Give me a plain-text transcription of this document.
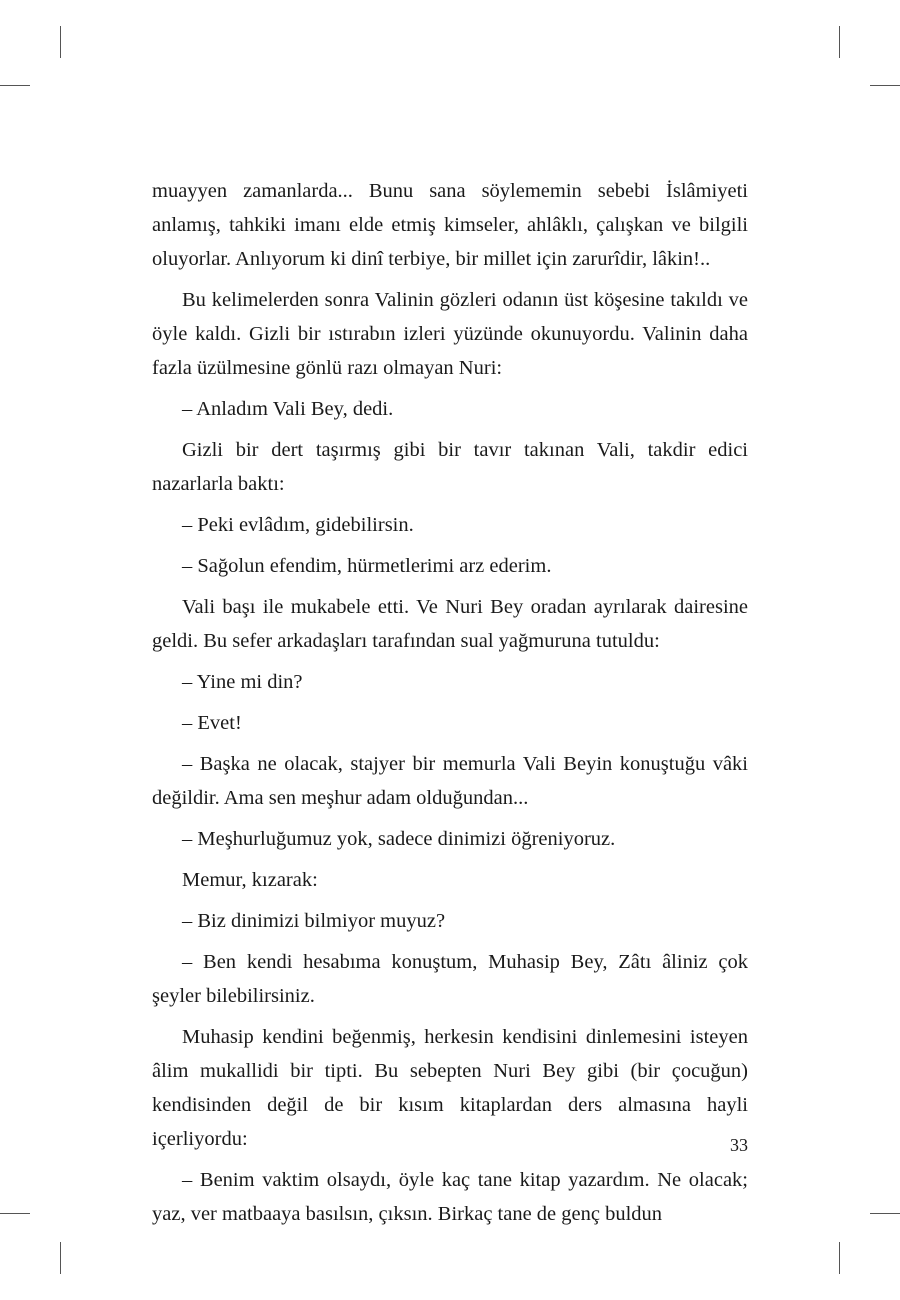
muayyen zamanlarda... Bunu sana söylememin sebebi İslâmiyeti anlamış, tahkiki imanı elde etmiş kimseler, ahlâklı, çalışkan ve bilgili oluyorlar. Anlıyorum ki dinî terbiye, bir millet için zarurîdir, lâkin!..

Bu kelimelerden sonra Valinin gözleri odanın üst köşesine takıldı ve öyle kaldı. Gizli bir ıstırabın izleri yüzünde okunuyordu. Valinin daha fazla üzülmesine gönlü razı olmayan Nuri:

– Anladım Vali Bey, dedi.

Gizli bir dert taşırmış gibi bir tavır takınan Vali, takdir edici nazarlarla baktı:

– Peki evlâdım, gidebilirsin.

– Sağolun efendim, hürmetlerimi arz ederim.

Vali başı ile mukabele etti. Ve Nuri Bey oradan ayrılarak dairesine geldi. Bu sefer arkadaşları tarafından sual yağmuruna tutuldu:

– Yine mi din?

– Evet!

– Başka ne olacak, stajyer bir memurla Vali Beyin konuştuğu vâki değildir. Ama sen meşhur adam olduğundan...

– Meşhurluğumuz yok, sadece dinimizi öğreniyoruz.

Memur, kızarak:

– Biz dinimizi bilmiyor muyuz?

– Ben kendi hesabıma konuştum, Muhasip Bey, Zâtı âliniz çok şeyler bilebilirsiniz.

Muhasip kendini beğenmiş, herkesin kendisini dinlemesini isteyen âlim mukallidi bir tipti. Bu sebepten Nuri Bey gibi (bir çocuğun) kendisinden değil de bir kısım kitaplardan ders almasına hayli içerliyordu:

– Benim vaktim olsaydı, öyle kaç tane kitap yazardım. Ne olacak; yaz, ver matbaaya basılsın, çıksın. Birkaç tane de genç buldun

33
